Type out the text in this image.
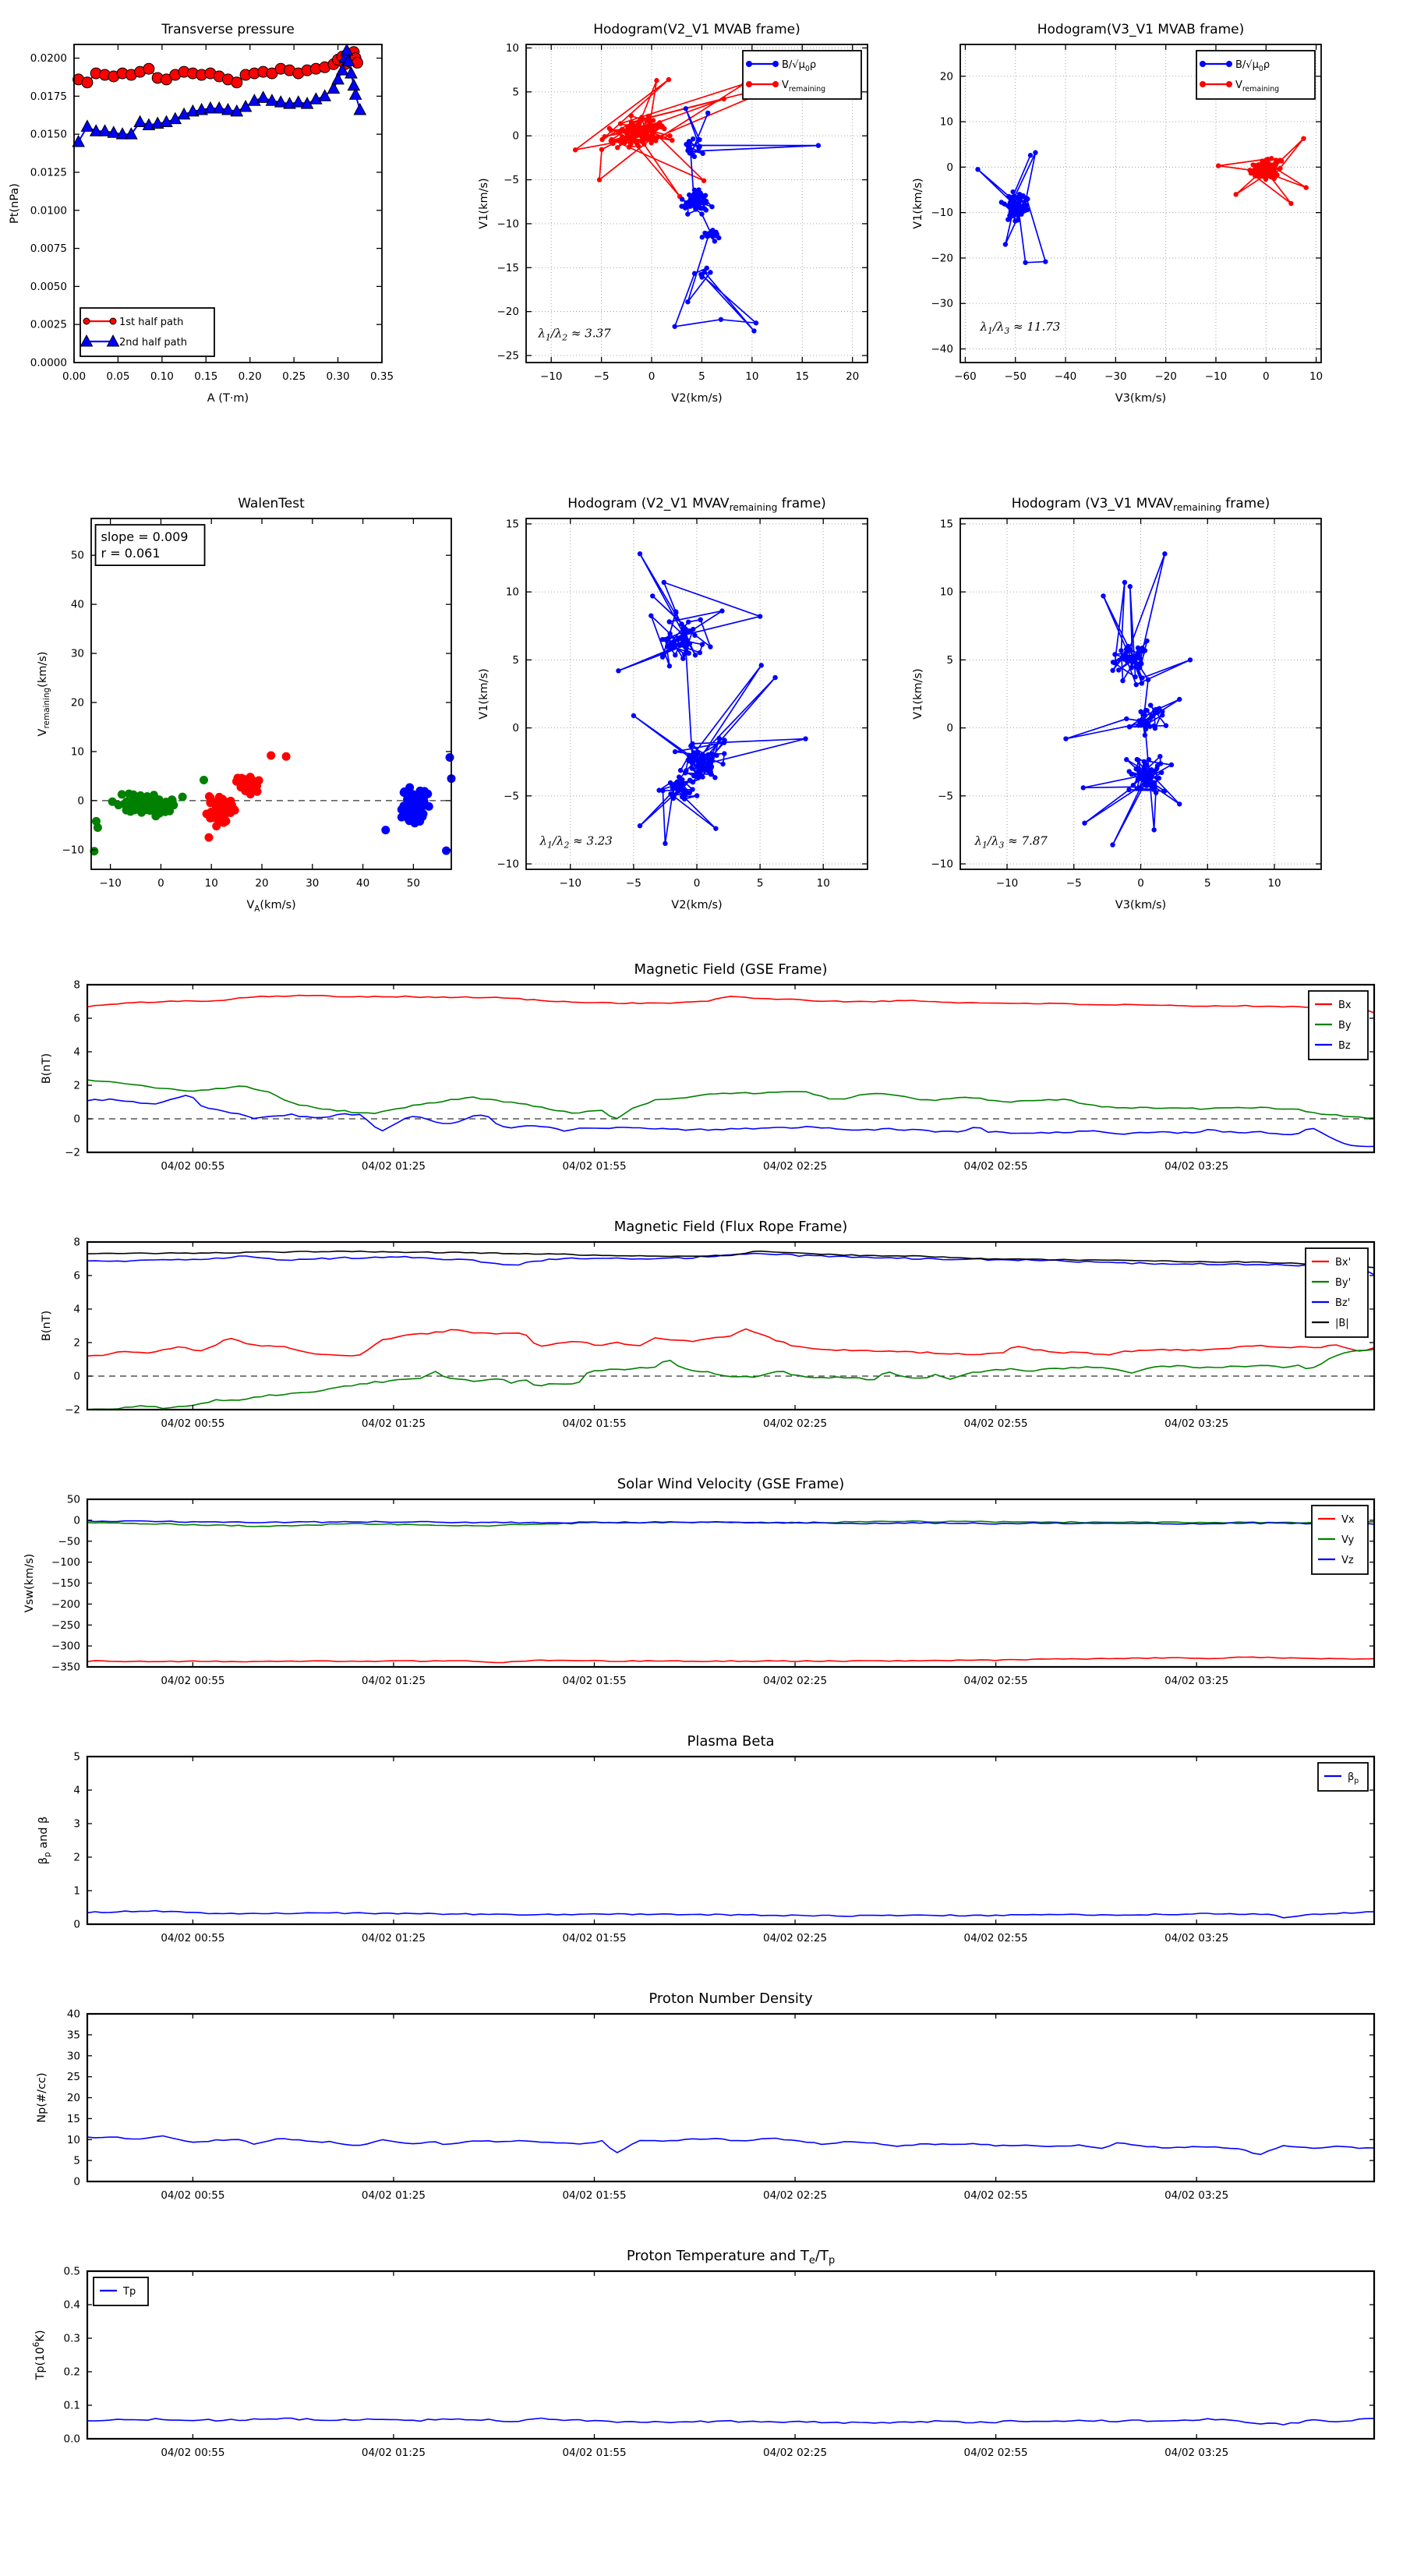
0.00 0.05 0.10 0.15 0.20 0.25 0.30 0.35
0.0000
0.0025
0.0050
0.0075
0.0100
0.0125
0.0150
0.0175
0.0200
Transverse pressure
A (T·m)
Pt(nPa)
1st half path
2nd half path
−10	−5	0	5	10	15	20
−25
−20
−15
−10
−5
0
5
10
Hodogram(V2_V1 MVAB frame)
V2(km/s)
V1(km/s)
$\lambda_1/\lambda_2 \approx 3.37$
$B/√\mu_0\rho$
$V_{remaining}$
−60	−50	−40	−30	−20	−10	0	10
−40
−30
−20
−10
0
10
20
Hodogram(V3_V1 MVAB frame)
V3(km/s)
V1(km/s)
$\lambda_1/\lambda_3 \approx 11.73$
$B/√\mu_0\rho$
$V_{remaining}$
−10	0	10	20	30	40	50
−10
0
10
20
30
40
50
WalenTest
$V_A(km/s)$
$V_{remaining}(km/s)$
slope = 0.009
r = 0.061
−10	−5	0	5	10
−10
−5
0
5
10
15
Hodogram (V2_V1 $MVAV_{remaining}$ frame)
V2(km/s)
V1(km/s)
$\lambda_1/\lambda_2 \approx 3.23$
−10	−5	0	5	10
−10
−5
0
5
10
15
Hodogram (V3_V1 $MVAV_{remaining}$ frame)
V3(km/s)
V1(km/s)
$\lambda_1/\lambda_3 \approx 7.87$
04/02 00:55	04/02 01:25	04/02 01:55	04/02 02:25	04/02 02:55	04/02 03:25
−2
0
2
4
6
8
Magnetic Field (GSE Frame)
B(nT)
Bx
By
Bz
04/02 00:55	04/02 01:25	04/02 01:55	04/02 02:25	04/02 02:55	04/02 03:25
−2
0
2
4
6
8
Magnetic Field (Flux Rope Frame)
B(nT)
Bx'
By'
Bz'
|B|
04/02 00:55	04/02 01:25	04/02 01:55	04/02 02:25	04/02 02:55	04/02 03:25
−350
−300
−250
−200
−150
−100
−50
0
50
Solar Wind Velocity (GSE Frame)
Vsw(km/s)
Vx
Vy
Vz
04/02 00:55	04/02 01:25	04/02 01:55	04/02 02:25	04/02 02:55	04/02 03:25
0
1
2
3
4
5
Plasma Beta
$\beta_p$ and β
$\beta_p$
04/02 00:55	04/02 01:25	04/02 01:55	04/02 02:25	04/02 02:55	04/02 03:25
0
5
10
15
20
25
30
35
40
Proton Number Density
Np(#/cc)
04/02 00:55	04/02 01:25	04/02 01:55	04/02 02:25	04/02 02:55	04/02 03:25
0.0
0.1
0.2
0.3
0.4
0.5
Proton Temperature and $T_e/T_p$
$Tp(10^6K)$
Tp
